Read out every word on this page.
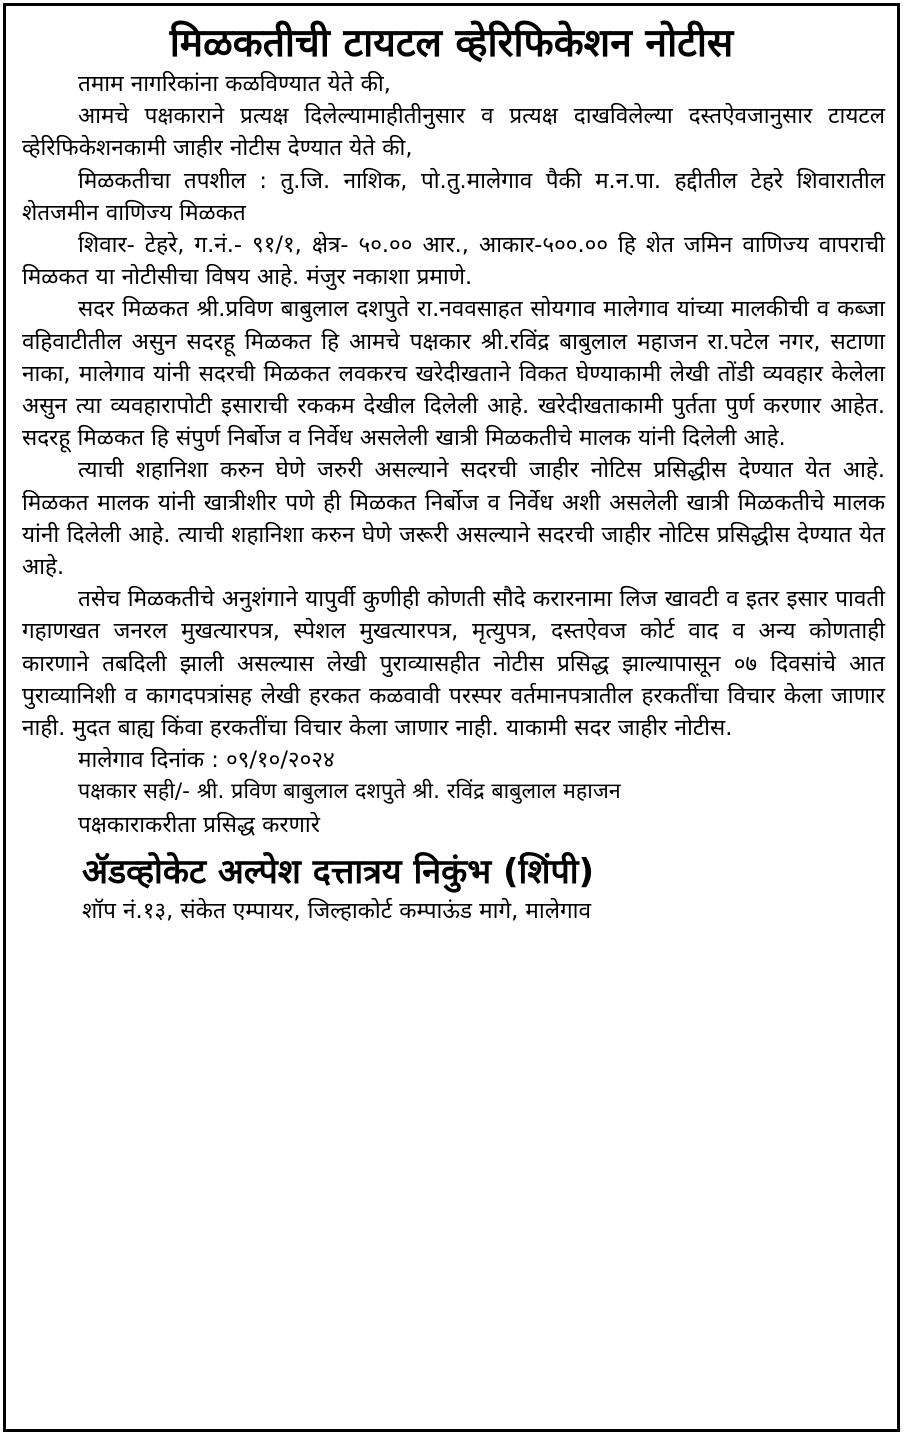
मिळकतीची टायटल व्हेरिफिकेशन नोटीस

तमाम नागरिकांना कळविण्यात येते की,

आमचे पक्षकाराने प्रत्यक्ष दिलेल्यामाहीतीनुसार व प्रत्यक्ष दाखविलेल्या दस्तऐवजानुसार टायटल व्हेरिफिकेशनकामी जाहीर नोटीस देण्यात येते की,

मिळकतीचा तपशील : तु.जि. नाशिक, पो.तु.मालेगाव पैकी म.न.पा. हद्दीतील टेहरे शिवारातील शेतजमीन वाणिज्य मिळकत

शिवार- टेहरे, ग.नं.- ९१/१, क्षेत्र- ५०.०० आर., आकार-५००.०० हि शेत जमिन वाणिज्य वापराची मिळकत या नोटीसीचा विषय आहे. मंजुर नकाशा प्रमाणे.

सदर मिळकत श्री.प्रविण बाबुलाल दशपुते रा.नववसाहत सोयगाव मालेगाव यांच्या मालकीची व कब्जा वहिवाटीतील असुन सदरहू मिळकत हि आमचे पक्षकार श्री.रविंद्र बाबुलाल महाजन रा.पटेल नगर, सटाणा नाका, मालेगाव यांनी सदरची मिळकत लवकरच खरेदीखताने विकत घेण्याकामी लेखी तोंडी व्यवहार केलेला असुन त्या व्यवहारापोटी इसाराची रककम देखील दिलेली आहे. खरेदीखताकामी पुर्तता पुर्ण करणार आहेत. सदरहू मिळकत हि संपुर्ण निर्बोज व निर्वेध असलेली खात्री मिळकतीचे मालक यांनी दिलेली आहे.

त्याची शहानिशा करुन घेणे जरुरी असल्याने सदरची जाहीर नोटिस प्रसिद्धीस देण्यात येत आहे. मिळकत मालक यांनी खात्रीशीर पणे ही मिळकत निर्बोज व निर्वेध अशी असलेली खात्री मिळकतीचे मालक यांनी दिलेली आहे. त्याची शहानिशा करुन घेणे जरूरी असल्याने सदरची जाहीर नोटिस प्रसिद्धीस देण्यात येत आहे.

तसेच मिळकतीचे अनुशंगाने यापुर्वी कुणीही कोणती सौदे करारनामा लिज खावटी व इतर इसार पावती गहाणखत जनरल मुखत्यारपत्र, स्पेशल मुखत्यारपत्र, मृत्युपत्र, दस्तऐवज कोर्ट वाद व अन्य कोणताही कारणाने तबदिली झाली असल्यास लेखी पुराव्यासहीत नोटीस प्रसिद्ध झाल्यापासून ०७ दिवसांचे आत पुराव्यानिशी व कागदपत्रांसह लेखी हरकत कळवावी परस्पर वर्तमानपत्रातील हरकतींचा विचार केला जाणार नाही. मुदत बाह्य किंवा हरकतींचा विचार केला जाणार नाही. याकामी सदर जाहीर नोटीस.

मालेगाव दिनांक : ०९/१०/२०२४

पक्षकार सही/- श्री. प्रविण बाबुलाल दशपुते श्री. रविंद्र बाबुलाल महाजन

पक्षकाराकरीता प्रसिद्ध करणारे

ॲडव्होकेट अल्पेश दत्तात्रय निकुंभ (शिंपी)
शॉप नं.१३, संकेत एम्पायर, जिल्हाकोर्ट कम्पाऊंड मागे, मालेगाव
